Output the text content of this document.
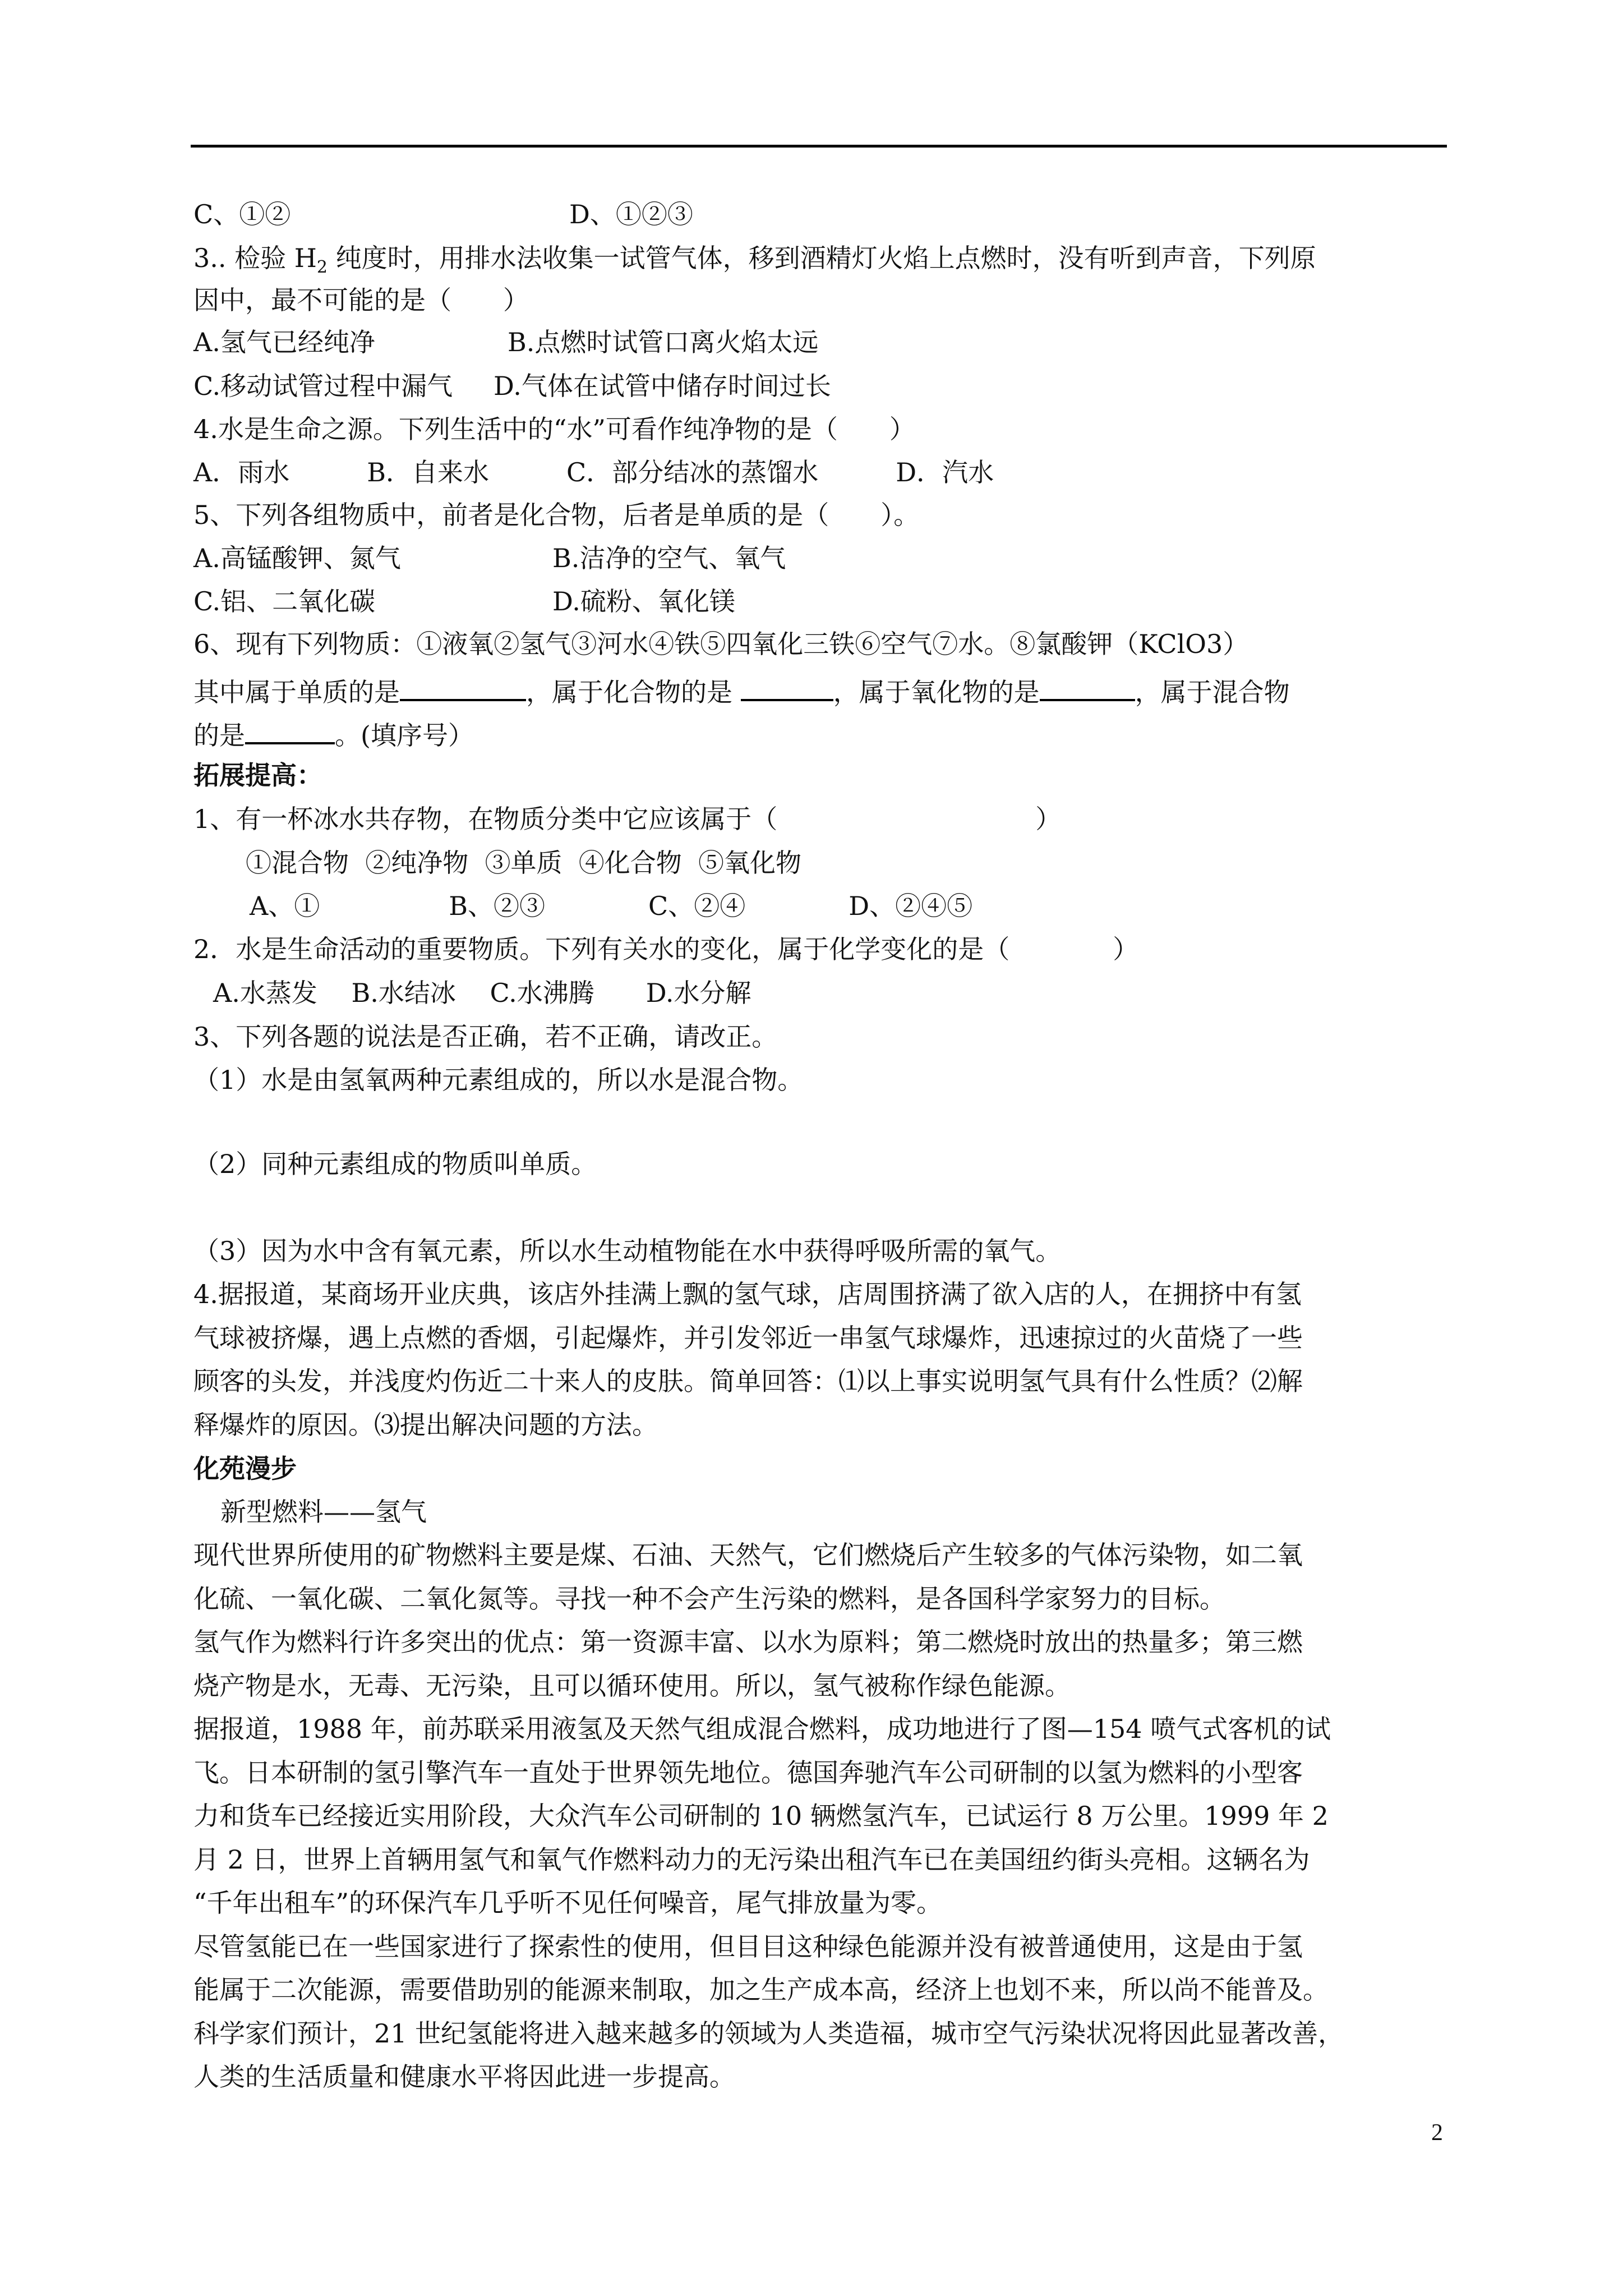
C、①②	D、①②③
3.. 检验 $H_2$ 纯度时，用排水法收集一试管气体，移到酒精灯火焰上点燃时，没有听到声音，下列原
因中，最不可能的是（　　）
A.氢气已经纯净	B.点燃时试管口离火焰太远
C.移动试管过程中漏气 D.气体在试管中储存时间过长
4.水是生命之源。下列生活中的“水”可看作纯净物的是（　　）
A．雨水　　　B．自来水　　　C．部分结冰的蒸馏水　　　D．汽水
5、下列各组物质中，前者是化合物，后者是单质的是（　　）。
A.高锰酸钾、氮气	B.洁净的空气、氧气
C.铝、二氧化碳	D.硫粉、氧化镁
6、现有下列物质：①液氧②氢气③河水④铁⑤四氧化三铁⑥空气⑦水。⑧氯酸钾（KClO3）
其中属于单质的是	，属于化合物的是	，属于氧化物的是	，属于混合物
的是	。(填序号）
拓展提高：
1、有一杯冰水共存物，在物质分类中它应该属于（　　　　　　　　　　）
①混合物  ②纯净物  ③单质  ④化合物  ⑤氧化物
A、①　　　　　B、②③　　　　C、②④　　　　D、②④⑤
2．水是生命活动的重要物质。下列有关水的变化，属于化学变化的是（　　　　）
A.水蒸发　 B.水结冰　 C.水沸腾　　D.水分解
3、下列各题的说法是否正确，若不正确，请改正。
（1）水是由氢氧两种元素组成的，所以水是混合物。
（2）同种元素组成的物质叫单质。
（3）因为水中含有氧元素，所以水生动植物能在水中获得呼吸所需的氧气。
4.据报道，某商场开业庆典，该店外挂满上飘的氢气球，店周围挤满了欲入店的人，在拥挤中有氢
气球被挤爆，遇上点燃的香烟，引起爆炸，并引发邻近一串氢气球爆炸，迅速掠过的火苗烧了一些
顾客的头发，并浅度灼伤近二十来人的皮肤。简单回答：⑴以上事实说明氢气具有什么性质？⑵解
释爆炸的原因。⑶提出解决问题的方法。
化苑漫步
新型燃料——氢气
现代世界所使用的矿物燃料主要是煤、石油、天然气，它们燃烧后产生较多的气体污染物，如二氧
化硫、一氧化碳、二氧化氮等。寻找一种不会产生污染的燃料，是各国科学家努力的目标。
氢气作为燃料行许多突出的优点：第一资源丰富、以水为原料；第二燃烧时放出的热量多；第三燃
烧产物是水，无毒、无污染，且可以循环使用。所以，氢气被称作绿色能源。
据报道，1988 年，前苏联采用液氢及天然气组成混合燃料，成功地进行了图—154 喷气式客机的试
飞。日本研制的氢引擎汽车一直处于世界领先地位。德国奔驰汽车公司研制的以氢为燃料的小型客
力和货车已经接近实用阶段，大众汽车公司研制的 10 辆燃氢汽车，已试运行 8 万公里。1999 年 2
月 2 日，世界上首辆用氢气和氧气作燃料动力的无污染出租汽车已在美国纽约街头亮相。这辆名为
“千年出租车”的环保汽车几乎听不见任何噪音，尾气排放量为零。
尽管氢能已在一些国家进行了探索性的使用，但目目这种绿色能源并没有被普通使用，这是由于氢
能属于二次能源，需要借助别的能源来制取，加之生产成本高，经济上也划不来，所以尚不能普及。
科学家们预计，21 世纪氢能将进入越来越多的领域为人类造福，城市空气污染状况将因此显著改善，
人类的生活质量和健康水平将因此进一步提高。
2
